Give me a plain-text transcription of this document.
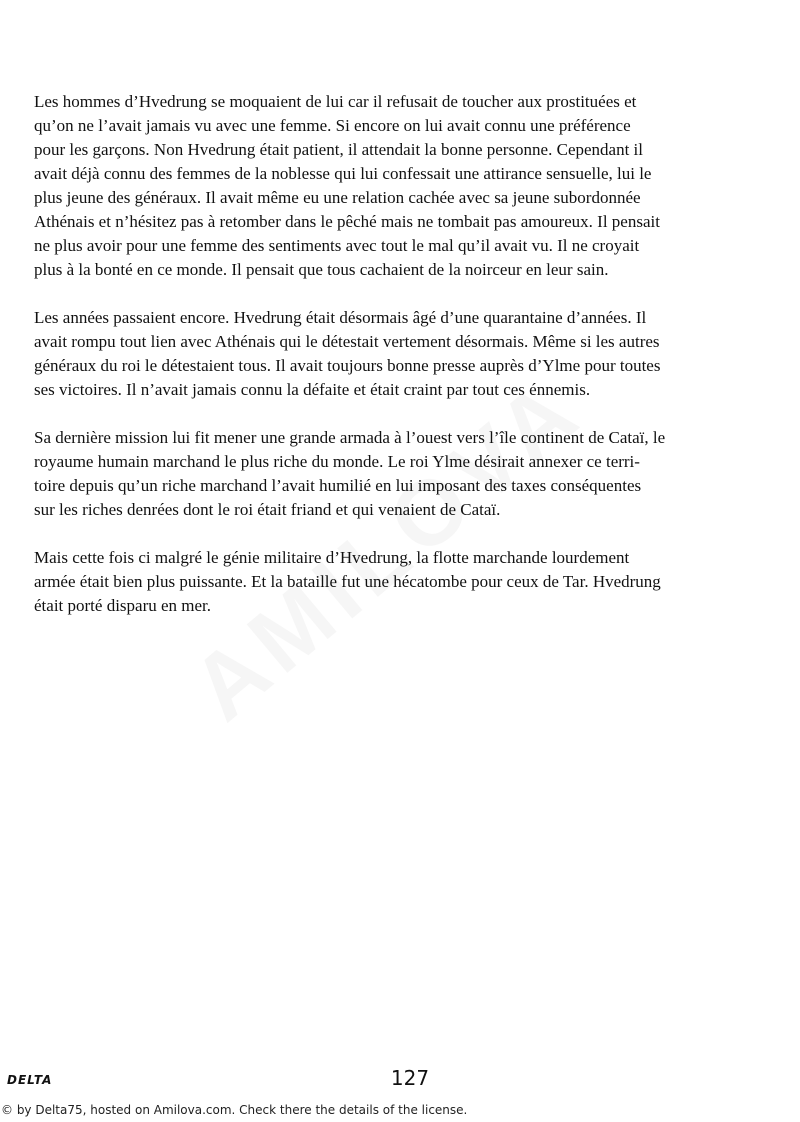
Les hommes d’Hvedrung se moquaient de lui car il refusait de toucher aux prostituées et
qu’on ne l’avait jamais vu avec une femme. Si encore on lui avait connu une préférence
pour les garçons. Non Hvedrung était patient, il attendait la bonne personne. Cependant il
avait déjà connu des femmes de la noblesse qui lui confessait une attirance sensuelle, lui le
plus jeune des généraux. Il avait même eu une relation cachée avec sa jeune subordonnée
Athénais et n’hésitez pas à retomber dans le pêché mais ne tombait pas amoureux. Il pensait
ne plus avoir pour une femme des sentiments avec tout le mal qu’il avait vu. Il ne croyait
plus à la bonté en ce monde. Il pensait que tous cachaient de la noirceur en leur sain.

Les années passaient encore. Hvedrung était désormais âgé d’une quarantaine d’années. Il
avait rompu tout lien avec Athénais qui le détestait vertement désormais. Même si les autres
généraux du roi le détestaient tous. Il avait toujours bonne presse auprès d’Ylme pour toutes
ses victoires. Il n’avait jamais connu la défaite et était craint par tout ces énnemis.

Sa dernière mission lui fit mener une grande armada à l’ouest vers l’île continent de Cataï, le
royaume humain marchand le plus riche du monde. Le roi Ylme désirait annexer ce terri-
toire depuis qu’un riche marchand l’avait humilié en lui imposant des taxes conséquentes
sur les riches denrées dont le roi était friand et qui venaient de Cataï.

Mais cette fois ci malgré le génie militaire d’Hvedrung, la flotte marchande lourdement
armée était bien plus puissante. Et la bataille fut une hécatombe pour ceux de Tar. Hvedrung
était porté disparu en mer.

DELTA	127
© by Delta75, hosted on Amilova.com. Check there the details of the license.
